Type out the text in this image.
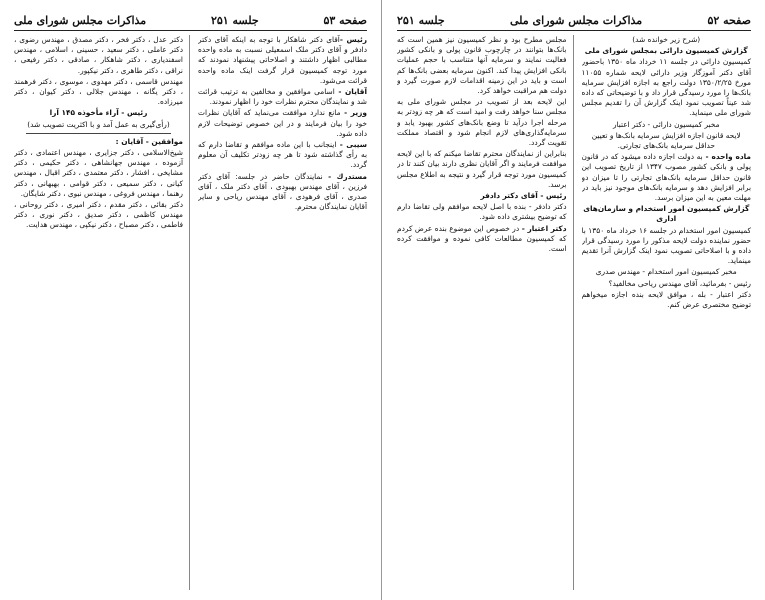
صفحه ۵۳
جلسه ۲۵۱
مذاکرات مجلس شورای ملی

رئیس -آقای دکتر شاهکار با توجه به اینکه آقای دکتر دادفر و آقای دکتر ملک اسمعیلی نسبت به ماده واحده مطالبی اظهار داشتند و اصلاحاتی پیشنهاد نمودند که مورد توجه کمیسیون قرار گرفت اینک ماده واحده قرائت می‌شود.

آقایان - اسامی موافقین و مخالفین به ترتیب قرائت شد و نمایندگان محترم نظرات خود را اظهار نمودند.

وزیر - مانع ندارد موافقت می‌نماید که آقایان نظرات خود را بیان فرمایند و در این خصوص توضیحات لازم داده شود.

سیبی - اینجانب با این ماده موافقم و تقاضا دارم که به رأی گذاشته شود تا هر چه زودتر تکلیف آن معلوم گردد.

مستدرك - نمایندگان حاضر در جلسه: آقای دکتر فرزین ، آقای مهندس بهبودی ، آقای دکتر ملک ، آقای صدری ، آقای فرهودی ، آقای مهندس ریاحی و سایر آقایان نمایندگان محترم.

دکتر عدل ، دکتر فخر ، دکتر مصدق ، مهندس رضوی ، دکتر عاملی ، دکتر سعید ، حسینی ، اسلامی ، مهندس اسفندیاری ، دکتر شاهکار ، صادقی ، دکتر رفیعی ، نراقی ، دکتر طاهری ، دکتر نیکپور.

مهندس قاسمی ، دکتر مهدوی ، موسوی ، دکتر فرهمند ، دکتر یگانه ، مهندس جلالی ، دکتر کیوان ، دکتر میرزاده.

رئیس - آراء مأخوذه ۱۴۵ آرا

(رأی‌گیری به عمل آمد و با اکثریت تصویب شد)

موافقین - آقایان :

شیخ‌الاسلامی ، دکتر جزایری ، مهندس اعتمادی ، دکتر آزموده ، مهندس جهانشاهی ، دکتر حکیمی ، دکتر مشایخی ، افشار ، دکتر معتمدی ، دکتر اقبال ، مهندس کیانی ، دکتر سمیعی ، دکتر قوامی ، بهبهانی ، دکتر رهنما ، مهندس فروغی ، مهندس نبوی ، دکتر شایگان.

دکتر بقائی ، دکتر مقدم ، دکتر امیری ، دکتر روحانی ، مهندس کاظمی ، دکتر صدیق ، دکتر نوری ، دکتر فاطمی ، دکتر مصباح ، دکتر نیکپی ، مهندس هدایت.

صفحه ۵۲
مذاکرات مجلس شورای ملی
جلسه ۲۵۱

(شرح زیر خوانده شد)

گزارش کمیسیون دارائی بمجلس شورای ملی

کمیسیون دارائی در جلسه ۱۱ خرداد ماه ۱۳۵۰ باحضور آقای دکتر آموزگار وزیر دارائی لایحه شماره ۱۱۰۵۵ مورخ ۱۳۵۰/۲/۲۵ دولت راجع به اجازه افزایش سرمایه بانک‌ها را مورد رسیدگی قرار داد و با توضیحاتی که داده شد عیناً تصویب نمود اینک گزارش آن را تقدیم مجلس شورای ملی مینماید.

مخبر کمیسیون دارائی - دکتر اعتبار

لایحه قانون اجازه افزایش سرمایه بانک‌ها و تعیین حداقل سرمایه بانک‌های تجارتی.

ماده واحده - به دولت اجازه داده میشود که در قانون پولی و بانکی کشور مصوب ۱۳۴۷ از تاریخ تصویب این قانون حداقل سرمایه بانک‌های تجارتی را تا میزان دو برابر افزایش دهد و سرمایه بانک‌های موجود نیز باید در مهلت معین به این میزان برسد.

گزارش کمیسیون امور استخدام و سازمان‌های اداری

کمیسیون امور استخدام در جلسه ۱۶ خرداد ماه ۱۳۵۰ با حضور نماینده دولت لایحه مذکور را مورد رسیدگی قرار داده و با اصلاحاتی تصویب نمود اینک گزارش آنرا تقدیم مینماید.

مخبر کمیسیون امور استخدام - مهندس صدری

رئیس - بفرمائید، آقای مهندس ریاحی مخالفید؟

دکتر اعتبار - بله ، موافق لایحه بنده اجازه میخواهم توضیح مختصری عرض کنم.

مجلس مطرح بود و نظر کمیسیون نیز همین است که بانک‌ها بتوانند در چارچوب قانون پولی و بانکی کشور فعالیت نمایند و سرمایه آنها متناسب با حجم عملیات بانکی افزایش پیدا کند. اکنون سرمایه بعضی بانک‌ها کم است و باید در این زمینه اقدامات لازم صورت گیرد و دولت هم مراقبت خواهد کرد.

این لایحه بعد از تصویب در مجلس شورای ملی به مجلس سنا خواهد رفت و امید است که هر چه زودتر به مرحله اجرا درآید تا وضع بانک‌های کشور بهبود یابد و سرمایه‌گذاری‌های لازم انجام شود و اقتصاد مملکت تقویت گردد.

بنابراین از نمایندگان محترم تقاضا میکنم که با این لایحه موافقت فرمایند و اگر آقایان نظری دارند بیان کنند تا در کمیسیون مورد توجه قرار گیرد و نتیجه به اطلاع مجلس برسد.

رئیس - آقای دکتر دادفر

دکتر دادفر - بنده با اصل لایحه موافقم ولی تقاضا دارم که توضیح بیشتری داده شود.

دکتر اعتبار - در خصوص این موضوع بنده عرض کردم که کمیسیون مطالعات کافی نموده و موافقت کرده است.
